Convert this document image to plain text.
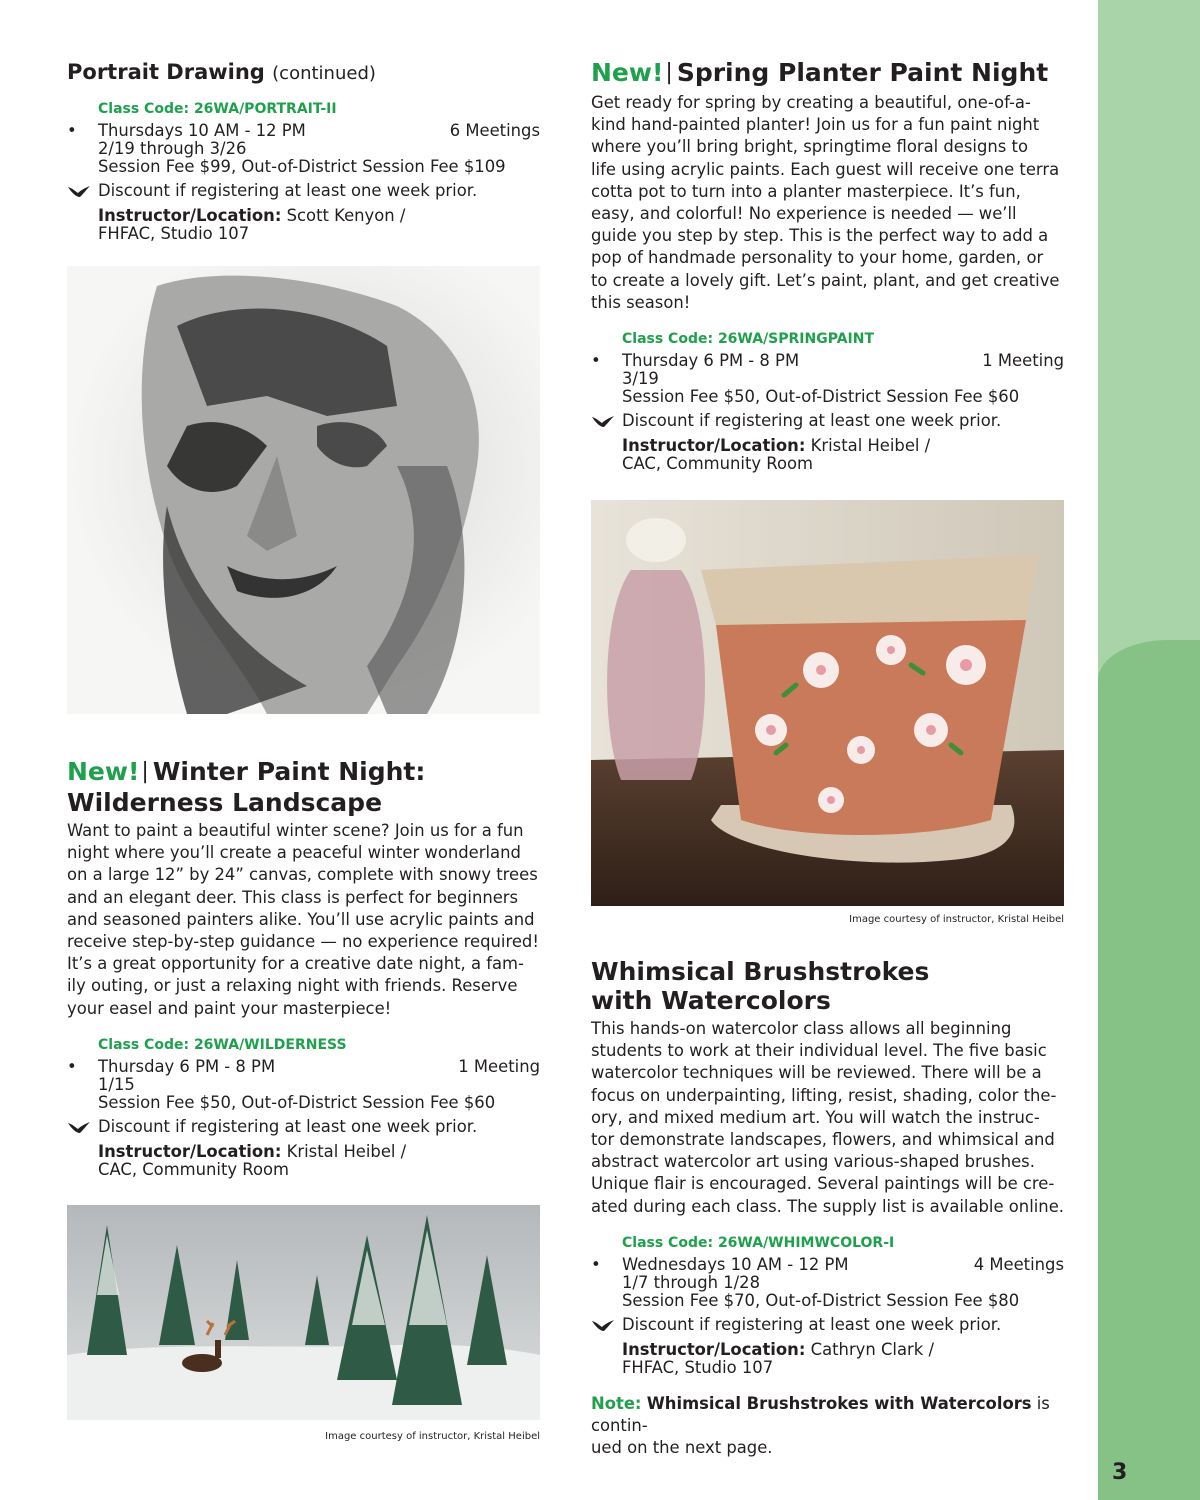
3
Portrait Drawing (continued)
Class Code: 26WA/PORTRAIT-II
• Thursdays 10 AM - 12 PM
2/19 through 3/26
Session Fee $99, Out-of-District Session Fee $109
6 Meetings
Discount if registering at least one week prior.
Instructor/Location: Scott Kenyon /
FHFAC, Studio 107
New!| Winter Paint Night:
Wilderness Landscape
Want to paint a beautiful winter scene? Join us for a fun
night where you’ll create a peaceful winter wonderland
on a large 12” by 24” canvas, complete with snowy trees
and an elegant deer. This class is perfect for beginners
and seasoned painters alike. You’ll use acrylic paints and
receive step-by-step guidance — no experience required!
It’s a great opportunity for a creative date night, a fam-
ily outing, or just a relaxing night with friends. Reserve
your easel and paint your masterpiece!
Class Code: 26WA/WILDERNESS
• Thursday 6 PM - 8 PM
1/15
Session Fee $50, Out-of-District Session Fee $60
1 Meeting
Discount if registering at least one week prior.
Instructor/Location: Kristal Heibel /
CAC, Community Room
Image courtesy of instructor, Kristal Heibel
New!| Spring Planter Paint Night
Get ready for spring by creating a beautiful, one-of-a-
kind hand-painted planter! Join us for a fun paint night
where you’ll bring bright, springtime floral designs to
life using acrylic paints. Each guest will receive one terra
cotta pot to turn into a planter masterpiece. It’s fun,
easy, and colorful! No experience is needed — we’ll
guide you step by step. This is the perfect way to add a
pop of handmade personality to your home, garden, or
to create a lovely gift. Let’s paint, plant, and get creative
this season!
Class Code: 26WA/SPRINGPAINT
• Thursday 6 PM - 8 PM
3/19
Session Fee $50, Out-of-District Session Fee $60
1 Meeting
Discount if registering at least one week prior.
Instructor/Location: Kristal Heibel /
CAC, Community Room
Image courtesy of instructor, Kristal Heibel
Whimsical Brushstrokes
with Watercolors
This hands-on watercolor class allows all beginning
students to work at their individual level. The five basic
watercolor techniques will be reviewed. There will be a
focus on underpainting, lifting, resist, shading, color the-
ory, and mixed medium art. You will watch the instruc-
tor demonstrate landscapes, flowers, and whimsical and
abstract watercolor art using various-shaped brushes.
Unique flair is encouraged. Several paintings will be cre-
ated during each class. The supply list is available online.
Class Code: 26WA/WHIMWCOLOR-I
• Wednesdays 10 AM - 12 PM
1/7 through 1/28
Session Fee $70, Out-of-District Session Fee $80
4 Meetings
Discount if registering at least one week prior.
Instructor/Location: Cathryn Clark /
FHFAC, Studio 107
Note: Whimsical Brushstrokes with Watercolors is contin-
ued on the next page.
